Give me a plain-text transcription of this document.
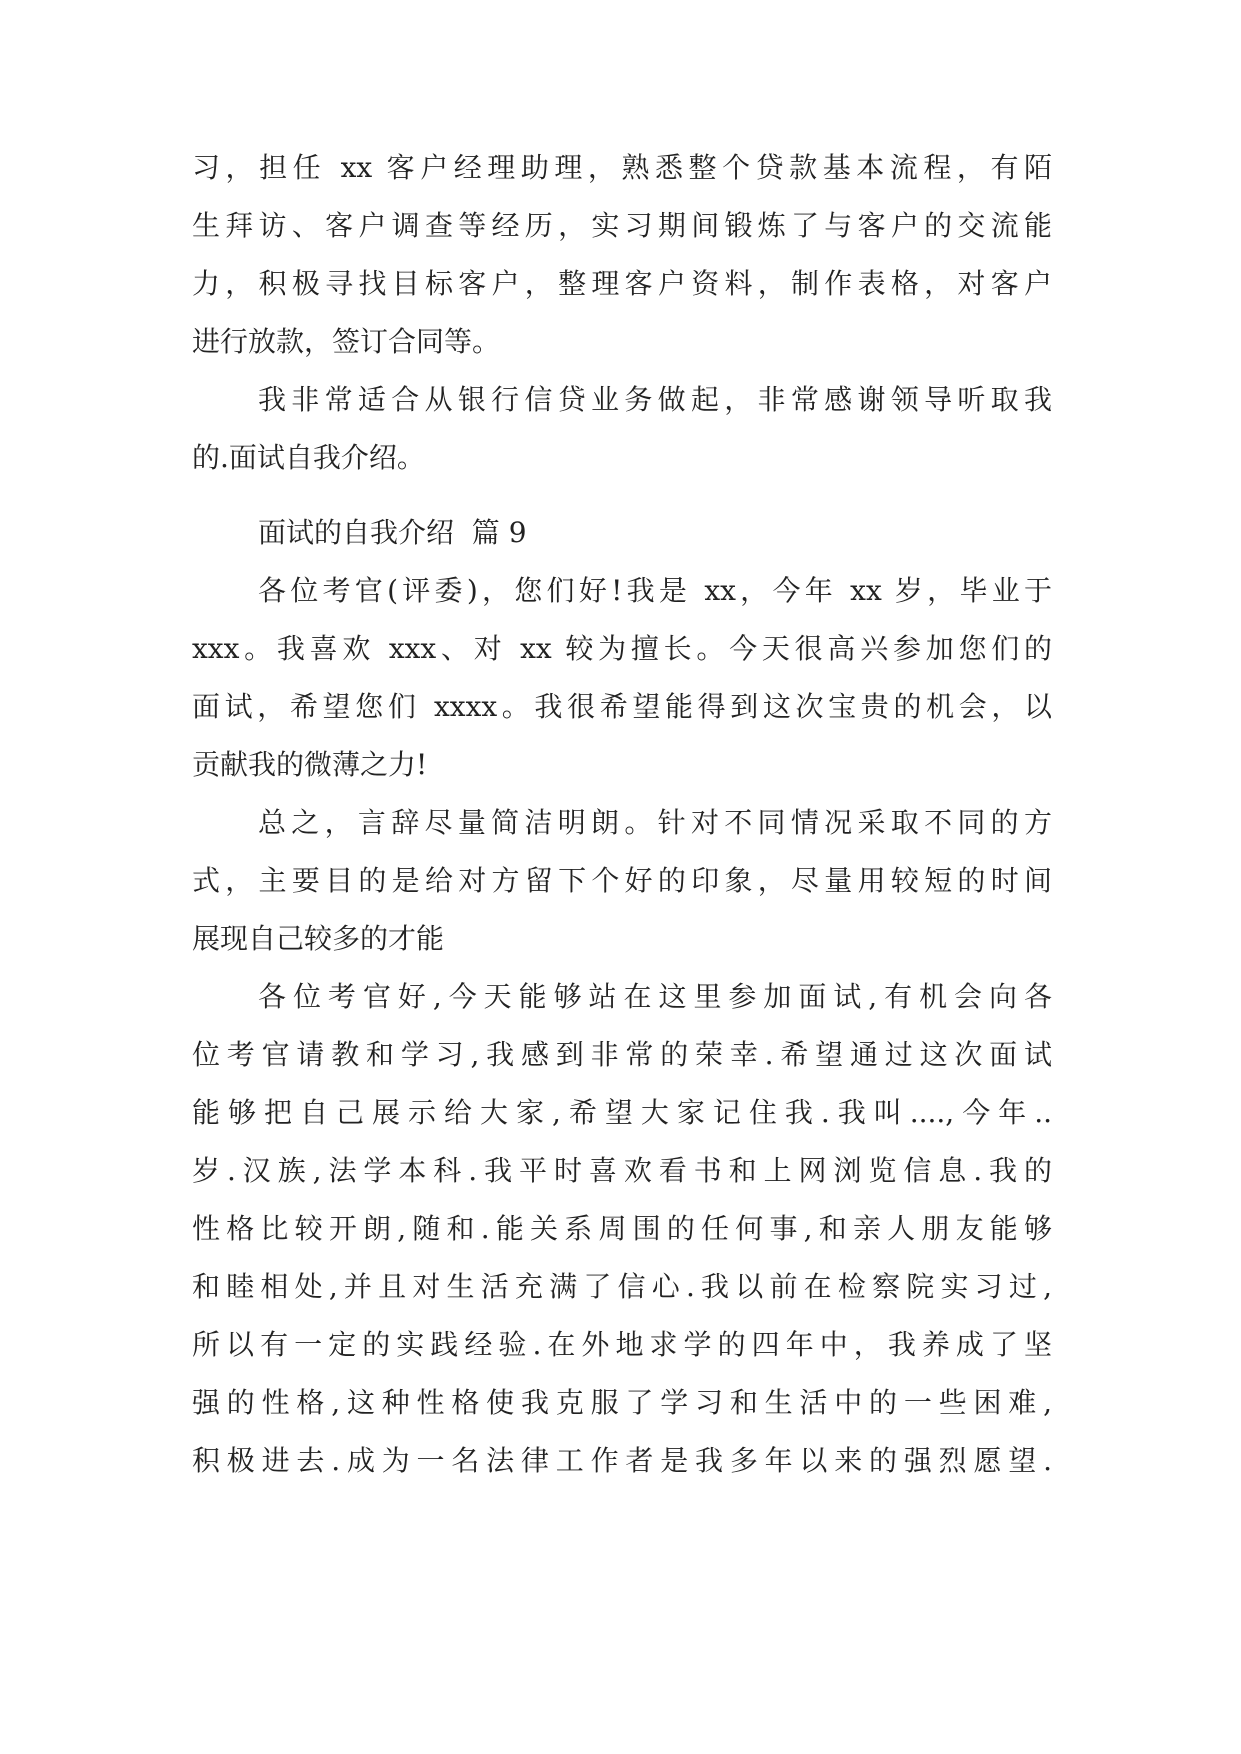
习，担任 xx 客户经理助理，熟悉整个贷款基本流程，有陌
生拜访、客户调查等经历，实习期间锻炼了与客户的交流能
力，积极寻找目标客户，整理客户资料，制作表格，对客户
进行放款，签订合同等。
我非常适合从银行信贷业务做起，非常感谢领导听取我
的.面试自我介绍。
面试的自我介绍  篇 9
各位考官(评委)，您们好!我是 xx，今年 xx 岁，毕业于
xxx。我喜欢 xxx、对 xx 较为擅长。今天很高兴参加您们的
面试，希望您们 xxxx。我很希望能得到这次宝贵的机会，以
贡献我的微薄之力!
总之，言辞尽量简洁明朗。针对不同情况采取不同的方
式，主要目的是给对方留下个好的印象，尽量用较短的时间
展现自己较多的才能
各位考官好,今天能够站在这里参加面试,有机会向各
位考官请教和学习,我感到非常的荣幸.希望通过这次面试
能够把自己展示给大家,希望大家记住我.我叫....,今年..
岁.汉族,法学本科.我平时喜欢看书和上网浏览信息.我的
性格比较开朗,随和.能关系周围的任何事,和亲人朋友能够
和睦相处,并且对生活充满了信心.我以前在检察院实习过,
所以有一定的实践经验.在外地求学的四年中，我养成了坚
强的性格,这种性格使我克服了学习和生活中的一些困难,
积极进去.成为一名法律工作者是我多年以来的强烈愿望.
